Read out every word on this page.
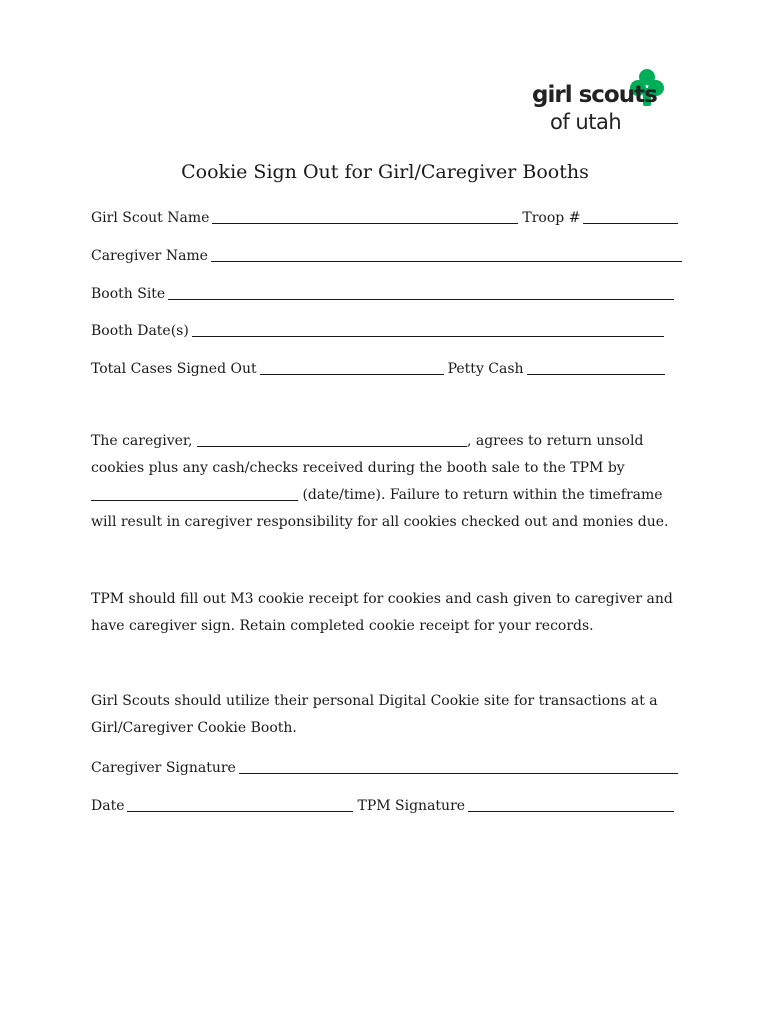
girl scouts
of utah
Cookie Sign Out for Girl/Caregiver Booths
Girl Scout Name	Troop #
Caregiver Name
Booth Site
Booth Date(s)
Total Cases Signed Out	Petty Cash
The caregiver,	, agrees to return unsold
cookies plus any cash/checks received during the booth sale to the TPM by
(date/time). Failure to return within the timeframe
will result in caregiver responsibility for all cookies checked out and monies due.
TPM should fill out M3 cookie receipt for cookies and cash given to caregiver and
have caregiver sign. Retain completed cookie receipt for your records.
Girl Scouts should utilize their personal Digital Cookie site for transactions at a
Girl/Caregiver Cookie Booth.
Caregiver Signature
Date	TPM Signature
